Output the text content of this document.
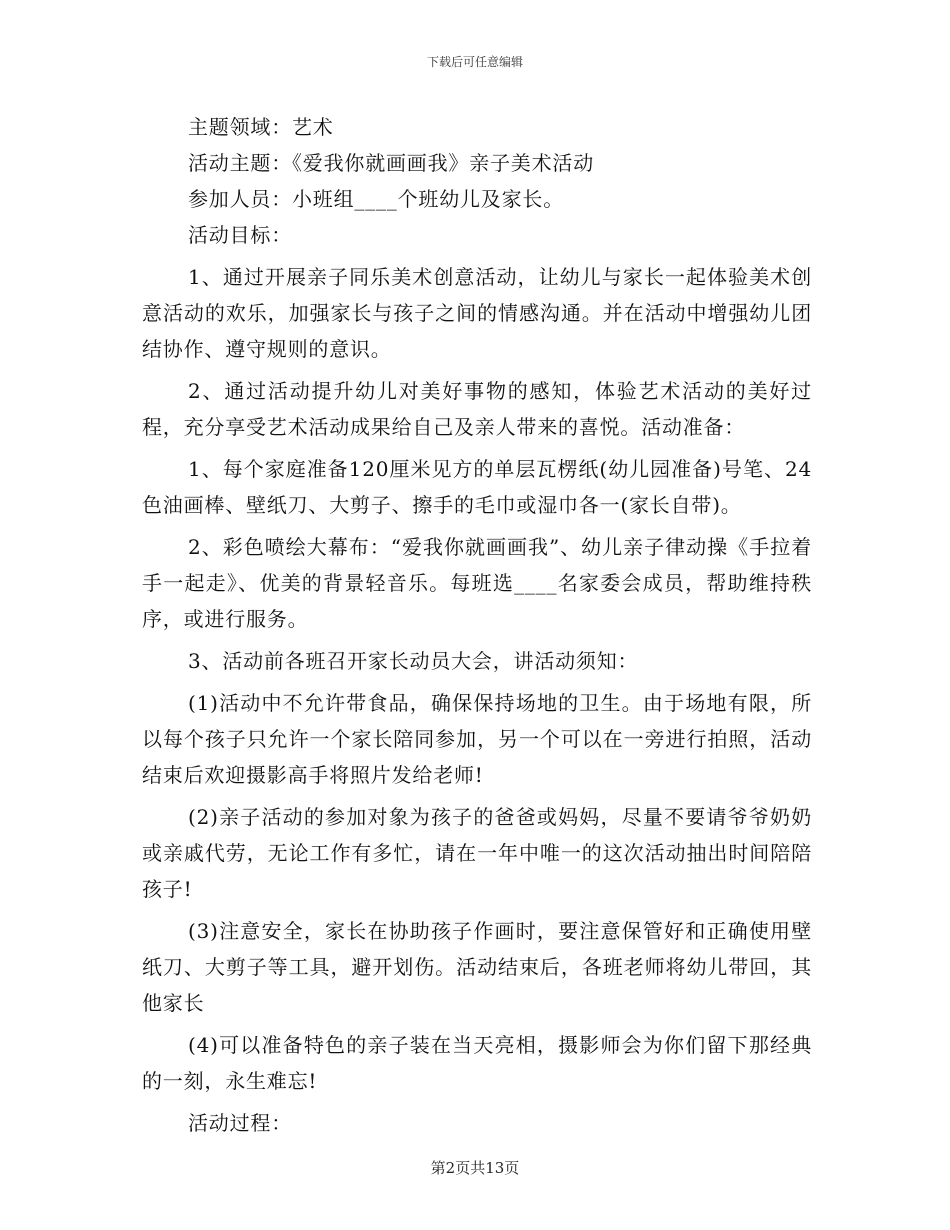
下载后可任意编辑

主题领域：艺术

活动主题：《爱我你就画画我》亲子美术活动

参加人员：小班组____个班幼儿及家长。

活动目标：

1、通过开展亲子同乐美术创意活动，让幼儿与家长一起体验美术创意活动的欢乐，加强家长与孩子之间的情感沟通。并在活动中增强幼儿团结协作、遵守规则的意识。

2、通过活动提升幼儿对美好事物的感知，体验艺术活动的美好过程，充分享受艺术活动成果给自己及亲人带来的喜悦。活动准备：

1、每个家庭准备120厘米见方的单层瓦楞纸(幼儿园准备)号笔、24色油画棒、壁纸刀、大剪子、擦手的毛巾或湿巾各一(家长自带)。

2、彩色喷绘大幕布：“爱我你就画画我”、幼儿亲子律动操《手拉着手一起走》、优美的背景轻音乐。每班选____名家委会成员，帮助维持秩序，或进行服务。

3、活动前各班召开家长动员大会，讲活动须知：

(1)活动中不允许带食品，确保保持场地的卫生。由于场地有限，所以每个孩子只允许一个家长陪同参加，另一个可以在一旁进行拍照，活动结束后欢迎摄影高手将照片发给老师!

(2)亲子活动的参加对象为孩子的爸爸或妈妈，尽量不要请爷爷奶奶或亲戚代劳，无论工作有多忙，请在一年中唯一的这次活动抽出时间陪陪孩子!

(3)注意安全，家长在协助孩子作画时，要注意保管好和正确使用壁纸刀、大剪子等工具，避开划伤。活动结束后，各班老师将幼儿带回，其他家长

(4)可以准备特色的亲子装在当天亮相，摄影师会为你们留下那经典的一刻，永生难忘!

活动过程：

第2页共13页
